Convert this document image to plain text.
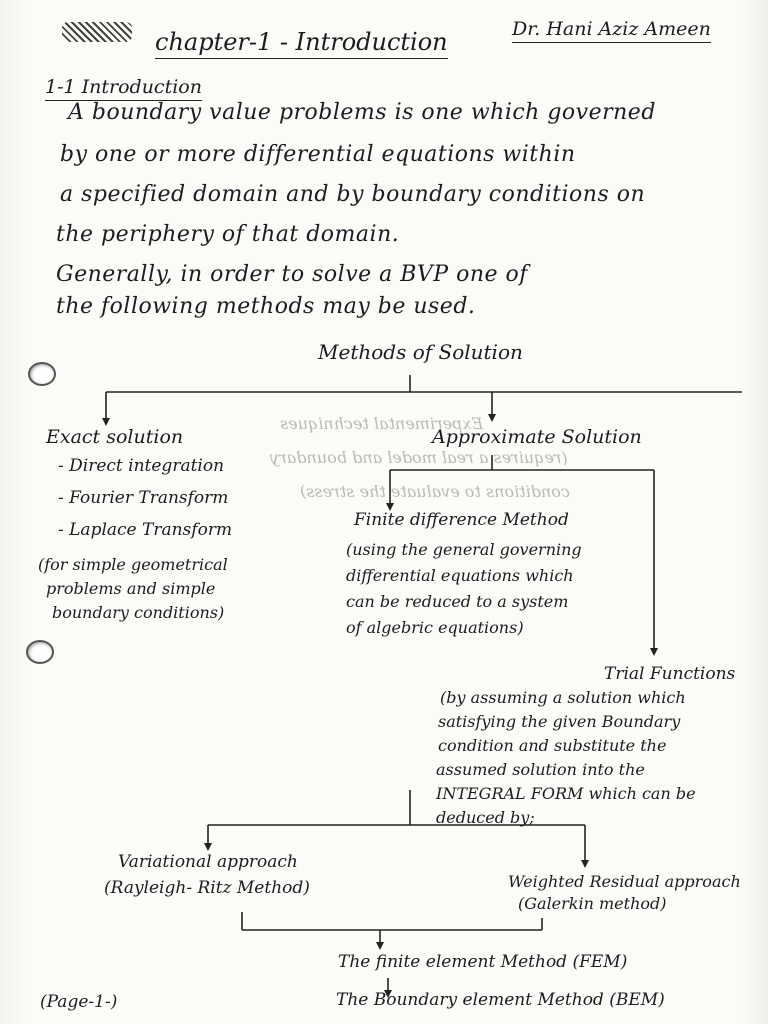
chapter-1 - Introduction	Dr. Hani Aziz Ameen
1-1 Introduction
A boundary value problems is one which governed
by one or more differential equations within
a specified domain and by boundary conditions on
the periphery of that domain.
Generally, in order to solve a BVP one of
the following methods may be used.
Experimental techniques
(requires a real model and boundary
conditions to evaluate the stress)
Methods of Solution
Exact solution
- Direct integration
- Fourier Transform
- Laplace Transform
(for simple geometrical
problems and simple
boundary conditions)
Approximate Solution
Finite difference Method
(using the general governing
differential equations which
can be reduced to a system
of algebric equations)
Trial Functions
(by assuming a solution which
satisfying the given Boundary
condition and substitute the
assumed solution into the
INTEGRAL FORM which can be
deduced by;
Variational approach
(Rayleigh- Ritz Method)	Weighted Residual approach
(Galerkin method)
The finite element Method (FEM)
The Boundary element Method (BEM)
(Page-1-)
